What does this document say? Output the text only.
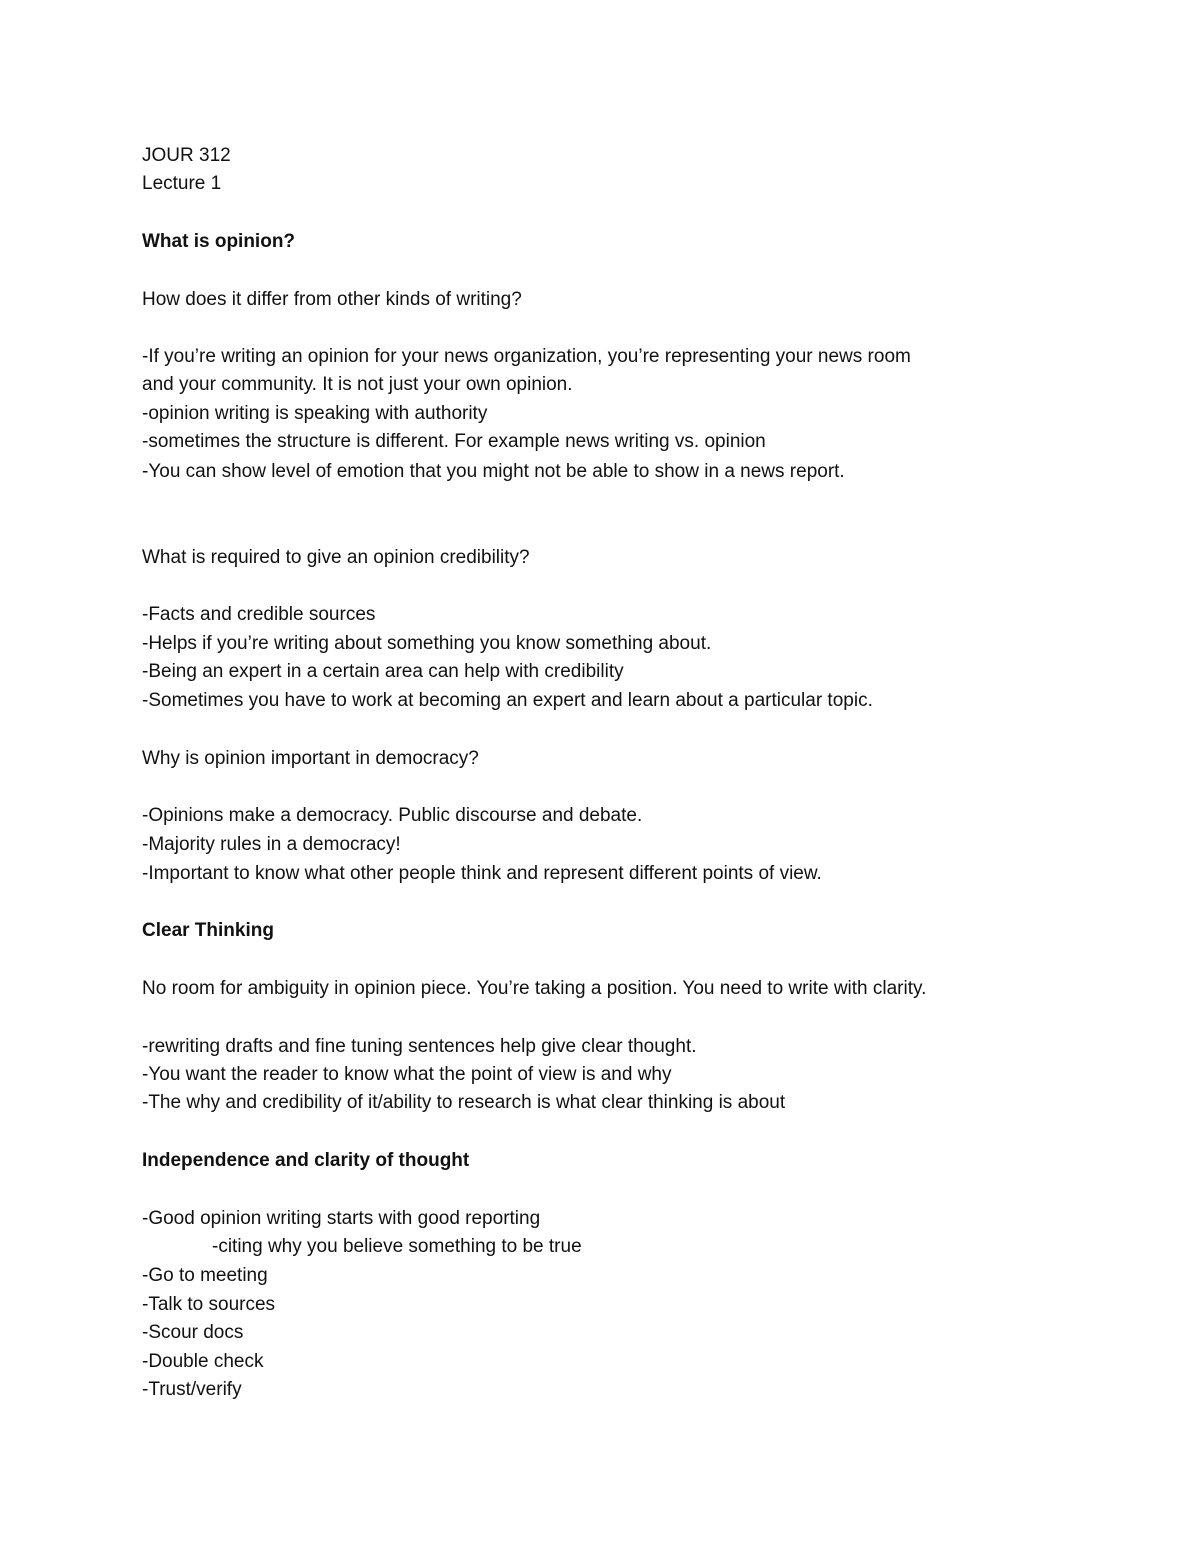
JOUR 312
Lecture 1
What is opinion?
How does it differ from other kinds of writing?
-If you’re writing an opinion for your news organization, you’re representing your news room
and your community. It is not just your own opinion.
-opinion writing is speaking with authority
-sometimes the structure is different. For example news writing vs. opinion
-You can show level of emotion that you might not be able to show in a news report.
What is required to give an opinion credibility?
-Facts and credible sources
-Helps if you’re writing about something you know something about.
-Being an expert in a certain area can help with credibility
-Sometimes you have to work at becoming an expert and learn about a particular topic.
Why is opinion important in democracy?
-Opinions make a democracy. Public discourse and debate.
-Majority rules in a democracy!
-Important to know what other people think and represent different points of view.
Clear Thinking
No room for ambiguity in opinion piece. You’re taking a position. You need to write with clarity.
-rewriting drafts and fine tuning sentences help give clear thought.
-You want the reader to know what the point of view is and why
-The why and credibility of it/ability to research is what clear thinking is about
Independence and clarity of thought
-Good opinion writing starts with good reporting
-citing why you believe something to be true
-Go to meeting
-Talk to sources
-Scour docs
-Double check
-Trust/verify
